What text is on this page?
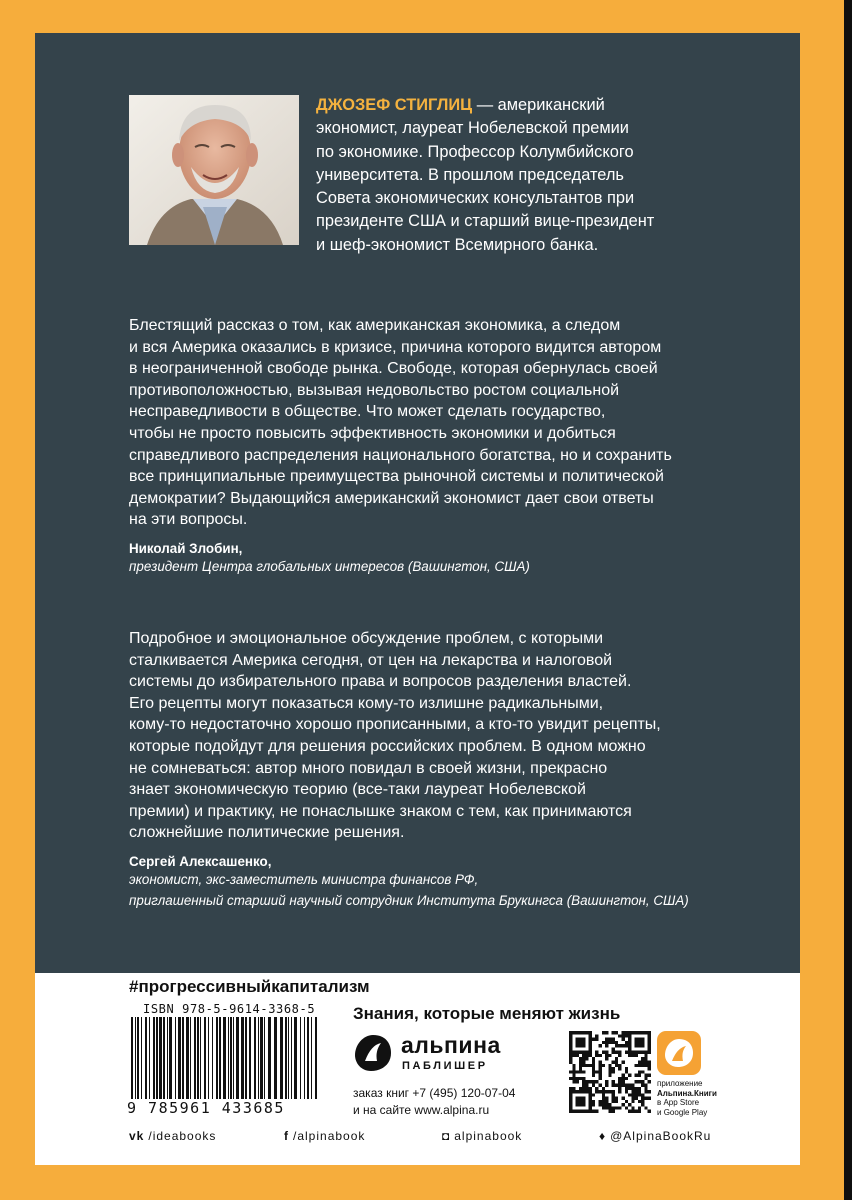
ДЖОЗЕФ СТИГЛИЦ — американский
экономист, лауреат Нобелевской премии
по экономике. Профессор Колумбийского
университета. В прошлом председатель
Совета экономических консультантов при
президенте США и старший вице-президент
и шеф-экономист Всемирного банка.

Блестящий рассказ о том, как американская экономика, а следом

и вся Америка оказались в кризисе, причина которого видится автором

в неограниченной свободе рынка. Свободе, которая обернулась своей

противоположностью, вызывая недовольство ростом социальной

несправедливости в обществе. Что может сделать государство,

чтобы не просто повысить эффективность экономики и добиться

справедливого распределения национального богатства, но и сохранить

все принципиальные преимущества рыночной системы и политической

демократии? Выдающийся американский экономист дает свои ответы

на эти вопросы.

Николай Злобин,
президент Центра глобальных интересов (Вашингтон, США)

Подробное и эмоциональное обсуждение проблем, с которыми

сталкивается Америка сегодня, от цен на лекарства и налоговой

системы до избирательного права и вопросов разделения властей.

Его рецепты могут показаться кому-то излишне радикальными,

кому-то недостаточно хорошо прописанными, а кто-то увидит рецепты,

которые подойдут для решения российских проблем. В одном можно

не сомневаться: автор много повидал в своей жизни, прекрасно

знает экономическую теорию (все-таки лауреат Нобелевской

премии) и практику, не понаслышке знаком с тем, как принимаются

сложнейшие политические решения.

Сергей Алексашенко,
экономист, экс-заместитель министра финансов РФ,
приглашенный старший научный сотрудник Института Брукингса (Вашингтон, США)
#прогрессивныйкапитализм
ISBN 978-5-9614-3368-5
9 785961 433685
Знания, которые меняют жизнь
альпина
ПАБЛИШЕР
заказ книг +7 (495) 120-07-04
и на сайте www.alpina.ru
приложение
Альпина.Книги
в App Store
и Google Play
vk /ideabooks	f /alpinabook	◘ alpinabook	♦ @AlpinaBookRu
